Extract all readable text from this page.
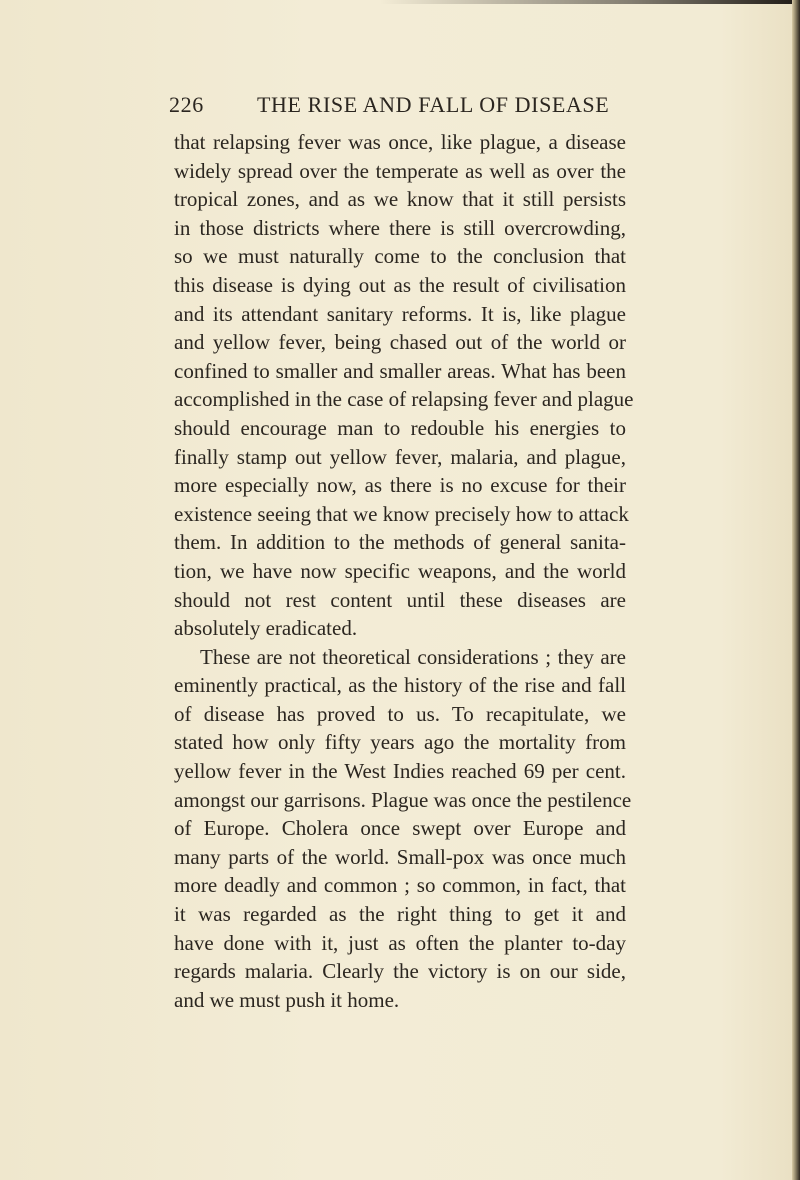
226 THE RISE AND FALL OF DISEASE
that relapsing fever was once, like plague, a disease
widely spread over the temperate as well as over the
tropical zones, and as we know that it still persists
in those districts where there is still overcrowding,
so we must naturally come to the conclusion that
this disease is dying out as the result of civilisation
and its attendant sanitary reforms. It is, like plague
and yellow fever, being chased out of the world or
confined to smaller and smaller areas. What has been
accomplished in the case of relapsing fever and plague
should encourage man to redouble his energies to
finally stamp out yellow fever, malaria, and plague,
more especially now, as there is no excuse for their
existence seeing that we know precisely how to attack
them. In addition to the methods of general sanita-
tion, we have now specific weapons, and the world
should not rest content until these diseases are
absolutely eradicated.
These are not theoretical considerations ; they are
eminently practical, as the history of the rise and fall
of disease has proved to us. To recapitulate, we
stated how only fifty years ago the mortality from
yellow fever in the West Indies reached 69 per cent.
amongst our garrisons. Plague was once the pestilence
of Europe. Cholera once swept over Europe and
many parts of the world. Small-pox was once much
more deadly and common ; so common, in fact, that
it was regarded as the right thing to get it and
have done with it, just as often the planter to-day
regards malaria. Clearly the victory is on our side,
and we must push it home.
